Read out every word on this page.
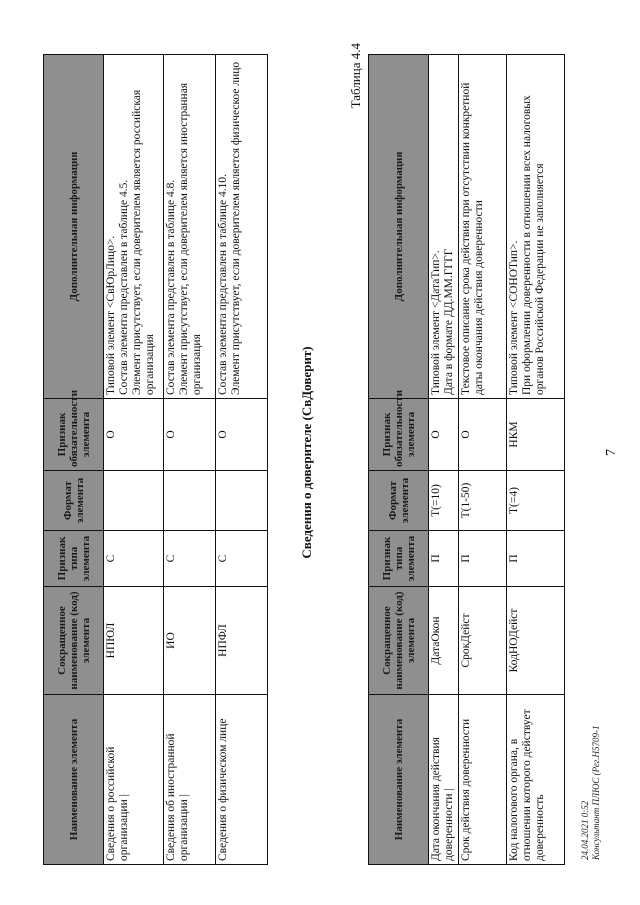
Наименование элемента	Сокращенное наименование (код) элемента	Признак типа элемента	Формат элемента	Признак обязательности элемента	Дополнительная информация
Дата окончания действия доверенности |	ДатаОкон	П	T(=10)	О	Типовой элемент <ДатаТип>. Дата в формате ДД.ММ.ГГГГ

Срок действия доверенности	СрокДейст	П	T(1-50)	О	Текстовое описание срока действия при отсутствии конкретной даты окончания действия доверенности

Код налогового органа, в отношении которого действует доверенность	КодНОДейст	П	T(=4)	НКМ	Типовой элемент <СОНОТип>. При оформлении доверенности в отношении всех налоговых органов Российской Федерации не заполняется
Таблица 4.4
Сведения о доверителе (СвДоверит)
Наименование элемента	Сокращенное наименование (код) элемента	Признак типа элемента	Формат элемента	Признак обязательности элемента	Дополнительная информация
Сведения о российской организации |	НПЮЛ	С		О	Типовой элемент <СвЮрЛицо>. Состав элемента представлен в таблице 4.5. Элемент присутствует, если доверителем является российская организация

Сведения об иностранной организации |	ИО	С		О	Состав элемента представлен в таблице 4.8. Элемент присутствует, если доверителем является иностранная организация

Сведения о физическом лице	НПФЛ	С		О	Состав элемента представлен в таблице 4.10. Элемент присутствует, если доверителем является физическое лицо
7
24.04.2021 0:52 Консультант ПЛЮС (Рег.Н5709-1
